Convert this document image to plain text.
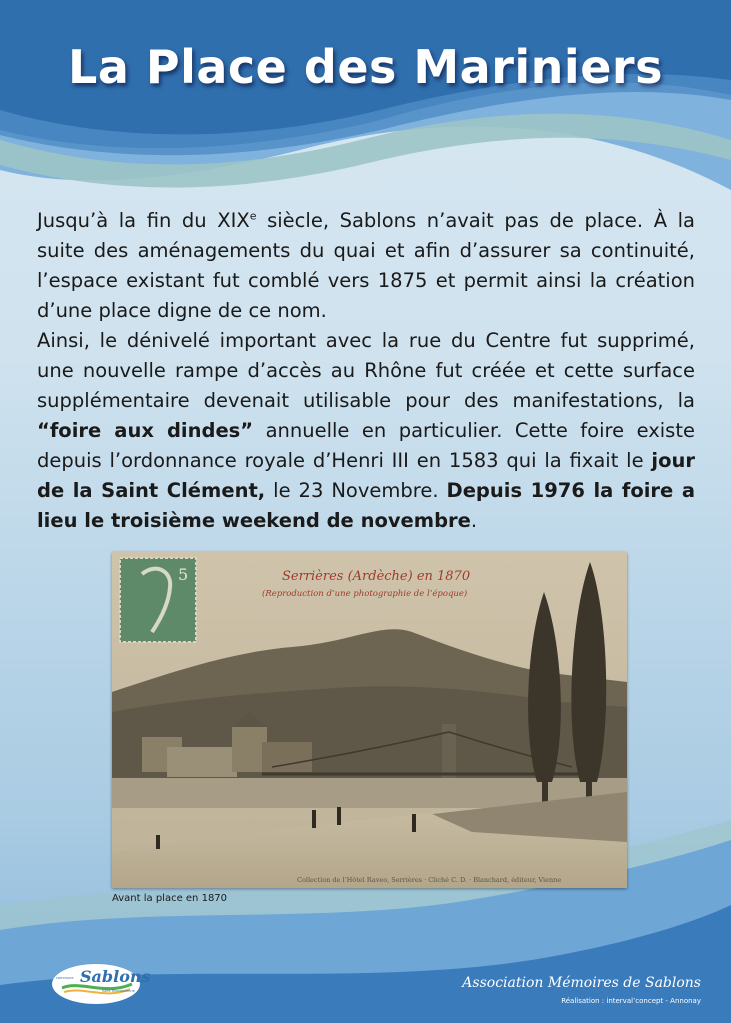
La Place des Mariniers

Jusqu’à la fin du XIXe siècle, Sablons n’avait pas de place. À la suite des aménagements du quai et afin d’assurer sa continuité, l’espace existant fut comblé vers 1875 et permit ainsi la création d’une place digne de ce nom.

Ainsi, le dénivelé important avec la rue du Centre fut supprimé, une nouvelle rampe d’accès au Rhône fut créée et cette surface supplémentaire devenait utilisable pour des manifestations, la “foire aux dindes” annuelle en particulier. Cette foire existe depuis l’ordonnance royale d’Henri III en 1583 qui la fixait le jour de la Saint Clément, le 23 Novembre. Depuis 1976 la foire a lieu le troisième weekend de novembre.

5	Serrières (Ardèche) en 1870
(Reproduction d’une photographie de l’époque)
Collection de l’Hôtel Raveo, Serrières · Cliché C. D. · Blanchard, éditeur, Vienne
Avant la place en 1870
Sablons
commune
Isère Rhodanienne	Association Mémoires de Sablons
Réalisation : interval’concept - Annonay
